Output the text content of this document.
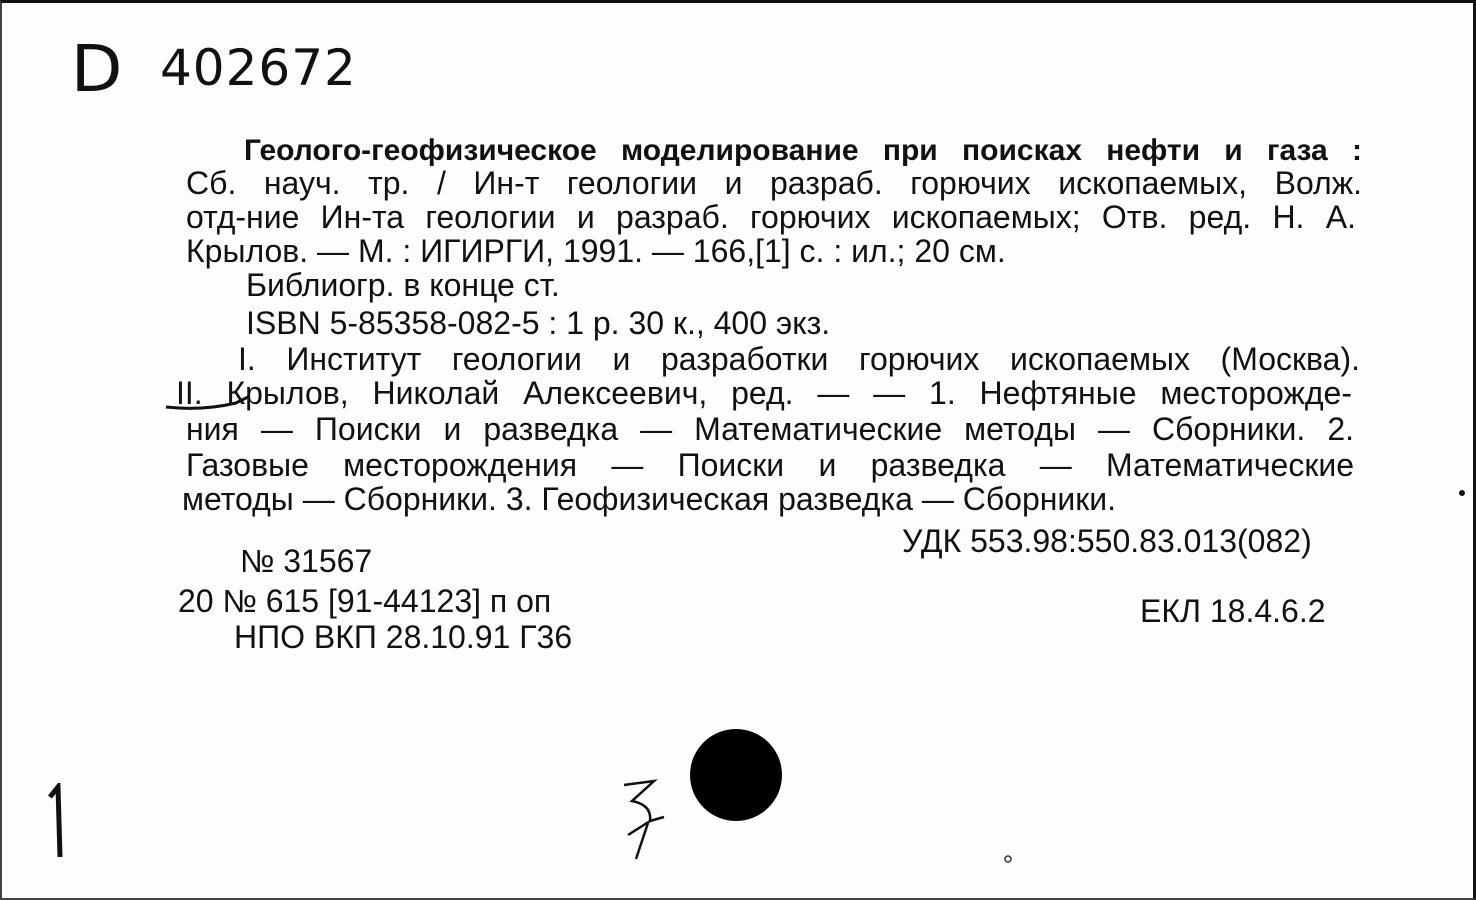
D 402672
Геолого-геофизическое моделирование при поисках нефти и газа :
Сб. науч. тр. / Ин-т геологии и разраб. горючих ископаемых, Волж.
отд-ние Ин-та геологии и разраб. горючих ископаемых; Отв. ред. Н. А.
Крылов. — М. : ИГИРГИ, 1991. — 166,[1] с. : ил.; 20 см.
Библиогр. в конце ст.
ISBN 5-85358-082-5 : 1 р. 30 к., 400 экз.
I. Институт геологии и разработки горючих ископаемых (Москва).
II. Крылов, Николай Алексеевич, ред. — — 1. Нефтяные месторожде-
ния — Поиски и разведка — Математические методы — Сборники. 2.
Газовые месторождения — Поиски и разведка — Математические
методы — Сборники. 3. Геофизическая разведка — Сборники.
УДК 553.98:550.83.013(082)
№ 31567
20 № 615 [91-44123] п оп	ЕКЛ 18.4.6.2
НПО ВКП 28.10.91 Г36
